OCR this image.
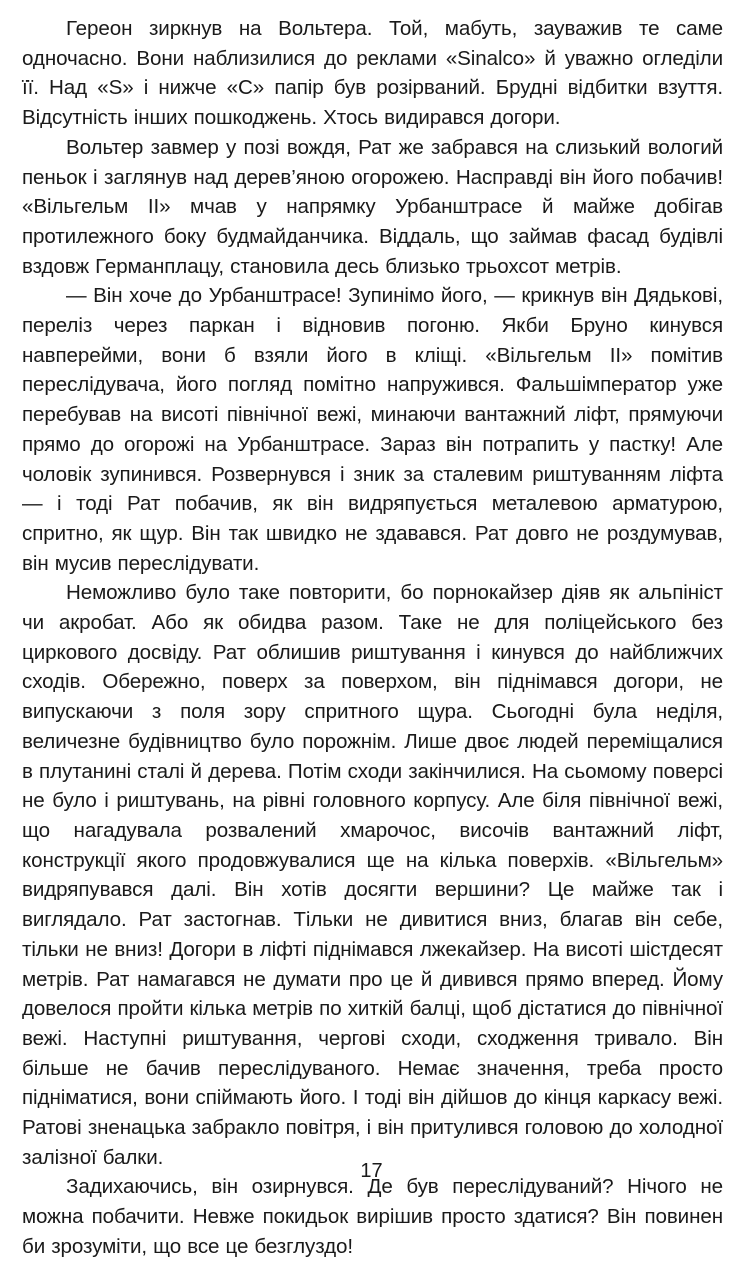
Гереон зиркнув на Вольтера. Той, мабуть, зауважив те саме одночасно. Вони наблизилися до реклами «Sinalco» й уважно огледіли її. Над «S» і нижче «C» папір був розірваний. Брудні відбитки взуття. Відсутність інших пошкоджень. Хтось видирався догори.

Вольтер завмер у позі вождя, Рат же забрався на слизький вологий пеньок і заглянув над дерев’яною огорожею. Насправді він його побачив! «Вільгельм II» мчав у напрямку Урбанштрасе й майже добігав протилежного боку будмайданчика. Віддаль, що займав фасад будівлі вздовж Германплацу, становила десь близько трьохсот метрів.

— Він хоче до Урбанштрасе! Зупинімо його, — крикнув він Дядькові, переліз через паркан і відновив погоню. Якби Бруно кинувся навперейми, вони б взяли його в кліщі. «Вільгельм II» помітив переслідувача, його погляд помітно напружився. Фальшімператор уже перебував на висоті північної вежі, минаючи вантажний ліфт, прямуючи прямо до огорожі на Урбанштрасе. Зараз він потрапить у пастку! Але чоловік зупинився. Розвернувся і зник за сталевим риштуванням ліфта — і тоді Рат побачив, як він видряпується металевою арматурою, спритно, як щур. Він так швидко не здавався. Рат довго не роздумував, він мусив переслідувати.

Неможливо було таке повторити, бо порнокайзер діяв як альпініст чи акробат. Або як обидва разом. Таке не для поліцейського без циркового досвіду. Рат облишив риштування і кинувся до найближчих сходів. Обережно, поверх за поверхом, він піднімався догори, не випускаючи з поля зору спритного щура. Сьогодні була неділя, величезне будівництво було порожнім. Лише двоє людей переміщалися в плутанині сталі й дерева. Потім сходи закінчилися. На сьомому поверсі не було і риштувань, на рівні головного корпусу. Але біля північної вежі, що нагадувала розвалений хмарочос, височів вантажний ліфт, конструкції якого продовжувалися ще на кілька поверхів. «Вільгельм» видряпувався далі. Він хотів досягти вершини? Це майже так і виглядало. Рат застогнав. Тільки не дивитися вниз, благав він себе, тільки не вниз! Догори в ліфті піднімався лжекайзер. На висоті шістдесят метрів. Рат намагався не думати про це й дивився прямо вперед. Йому довелося пройти кілька метрів по хиткій балці, щоб дістатися до північної вежі. Наступні риштування, чергові сходи, сходження тривало. Він більше не бачив переслідуваного. Немає значення, треба просто підніматися, вони спіймають його. І тоді він дійшов до кінця каркасу вежі. Ратові зненацька забракло повітря, і він притулився головою до холодної залізної балки.

Задихаючись, він озирнувся. Де був переслідуваний? Нічого не можна побачити. Невже покидьок вирішив просто здатися? Він повинен би зрозуміти, що все це безглуздо!

17
